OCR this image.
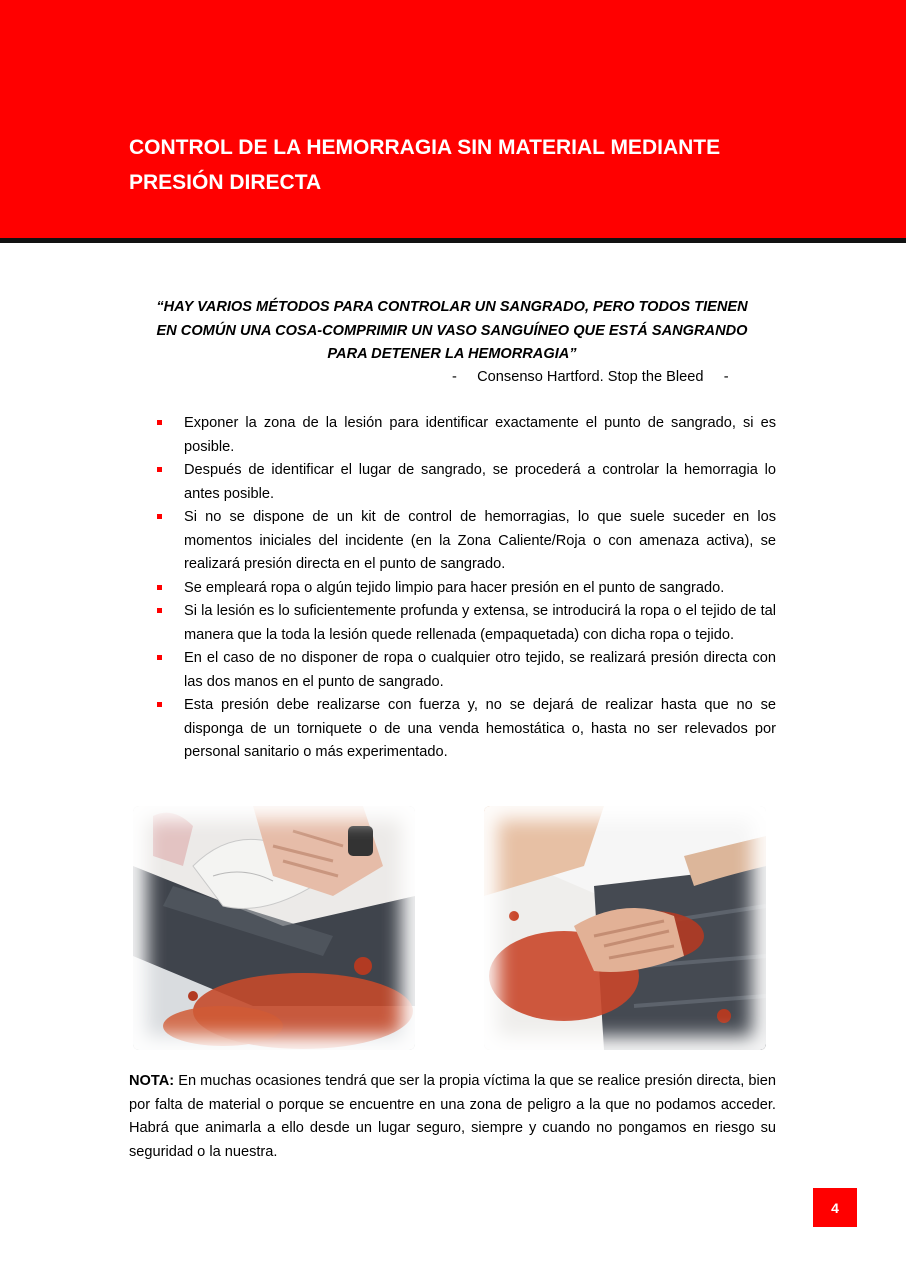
CONTROL DE LA HEMORRAGIA SIN MATERIAL MEDIANTE
PRESIÓN DIRECTA

“HAY VARIOS MÉTODOS PARA CONTROLAR UN SANGRADO, PERO TODOS TIENEN EN COMÚN UNA COSA-COMPRIMIR UN VASO SANGUÍNEO QUE ESTÁ SANGRANDO PARA DETENER LA HEMORRAGIA”

-     Consenso Hartford. Stop the Bleed     -
Exponer la zona de la lesión para identificar exactamente el punto de sangrado, si es posible.
Después de identificar el lugar de sangrado, se procederá a controlar la hemorragia lo antes posible.
Si no se dispone de un kit de control de hemorragias, lo que suele suceder en los momentos iniciales del incidente (en la Zona Caliente/Roja o con amenaza activa), se realizará presión directa en el punto de sangrado.
Se empleará ropa o algún tejido limpio para hacer presión en el punto de sangrado.
Si la lesión es lo suficientemente profunda y extensa, se introducirá la ropa o el tejido de tal manera que la toda la lesión quede rellenada (empaquetada) con dicha ropa o tejido.
En el caso de no disponer de ropa o cualquier otro tejido, se realizará presión directa con las dos manos en el punto de sangrado.
Esta presión debe realizarse con fuerza y, no se dejará de realizar hasta que no se disponga de un torniquete o de una venda hemostática o, hasta no ser relevados por personal sanitario o más experimentado.

NOTA: En muchas ocasiones tendrá que ser la propia víctima la que se realice presión directa, bien por falta de material o porque se encuentre en una zona de peligro a la que no podamos acceder. Habrá que animarla a ello desde un lugar seguro, siempre y cuando no pongamos en riesgo su seguridad o la nuestra.

4
